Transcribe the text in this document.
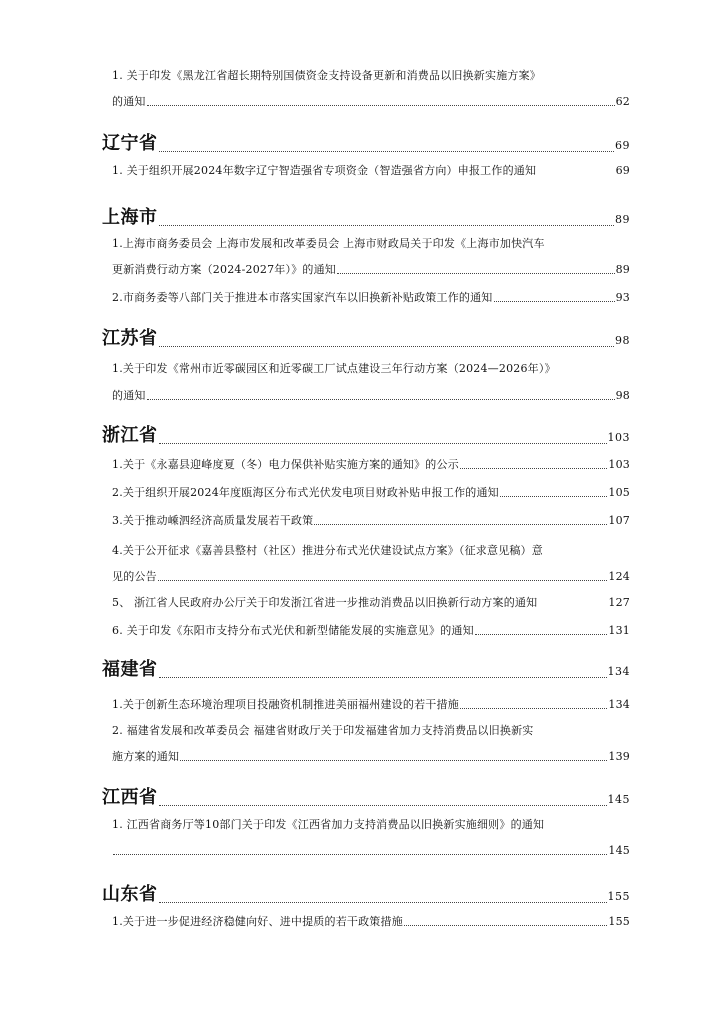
1. 关于印发《黑龙江省超长期特别国债资金支持设备更新和消费品以旧换新实施方案》
的通知	62
辽宁省	69
1. 关于组织开展2024年数字辽宁智造强省专项资金（智造强省方向）申报工作的通知	69
上海市	89
1.上海市商务委员会 上海市发展和改革委员会 上海市财政局关于印发《上海市加快汽车
更新消费行动方案（2024-2027年）》的通知	89
2.市商务委等八部门关于推进本市落实国家汽车以旧换新补贴政策工作的通知	93
江苏省	98
1.关于印发《常州市近零碳园区和近零碳工厂试点建设三年行动方案（2024—2026年）》
的通知	98
浙江省	103
1.关于《永嘉县迎峰度夏（冬）电力保供补贴实施方案的通知》的公示	103
2.关于组织开展2024年度瓯海区分布式光伏发电项目财政补贴申报工作的通知	105
3.关于推动嵊泗经济高质量发展若干政策	107
4.关于公开征求《嘉善县整村（社区）推进分布式光伏建设试点方案》（征求意见稿）意
见的公告	124
5、 浙江省人民政府办公厅关于印发浙江省进一步推动消费品以旧换新行动方案的通知	127
6. 关于印发《东阳市支持分布式光伏和新型储能发展的实施意见》的通知	131
福建省	134
1.关于创新生态环境治理项目投融资机制推进美丽福州建设的若干措施	134
2. 福建省发展和改革委员会 福建省财政厅关于印发福建省加力支持消费品以旧换新实
施方案的通知	139
江西省	145
1. 江西省商务厅等10部门关于印发《江西省加力支持消费品以旧换新实施细则》的通知
145
山东省	155
1.关于进一步促进经济稳健向好、进中提质的若干政策措施	155
